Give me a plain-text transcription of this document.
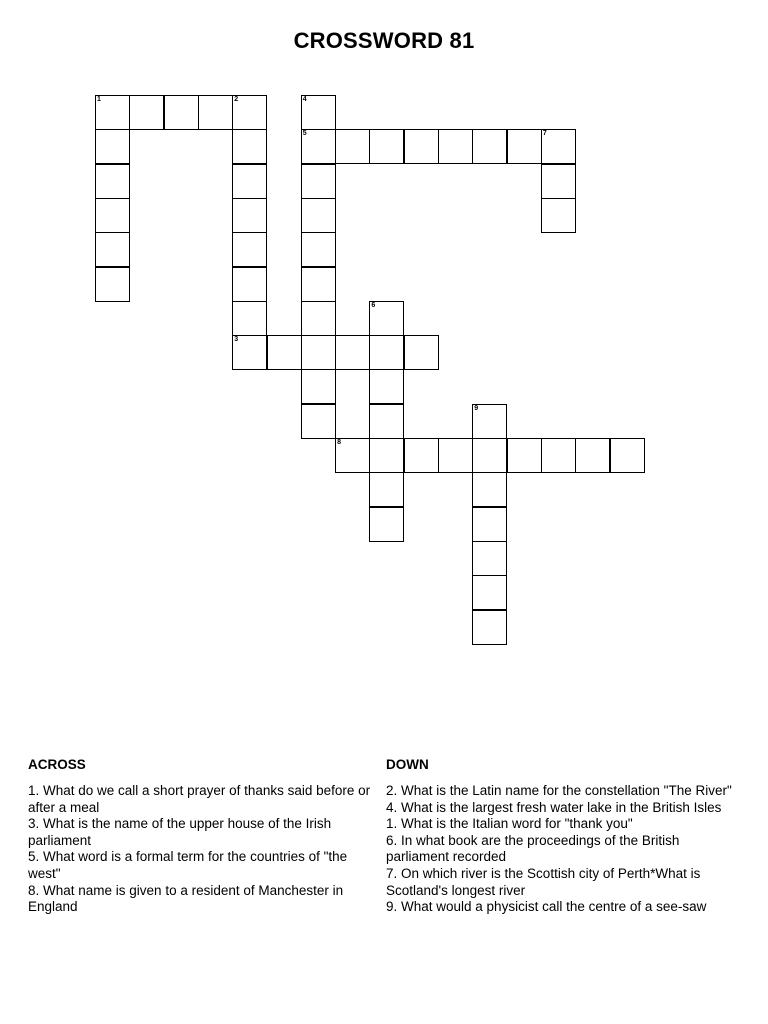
CROSSWORD 81
1	2	4
5	7
6
3
9
8
ACROSS

1. What do we call a short prayer of thanks said before or after a meal

3. What is the name of the upper house of the Irish parliament

5. What word is a formal term for the countries of "the west"

8. What name is given to a resident of Manchester in England

DOWN

2. What is the Latin name for the constellation "The River"

4. What is the largest fresh water lake in the British Isles

1. What is the Italian word for "thank you"

6. In what book are the proceedings of the British parliament recorded

7. On which river is the Scottish city of Perth*What is Scotland's longest river

9. What would a physicist call the centre of a see-saw
